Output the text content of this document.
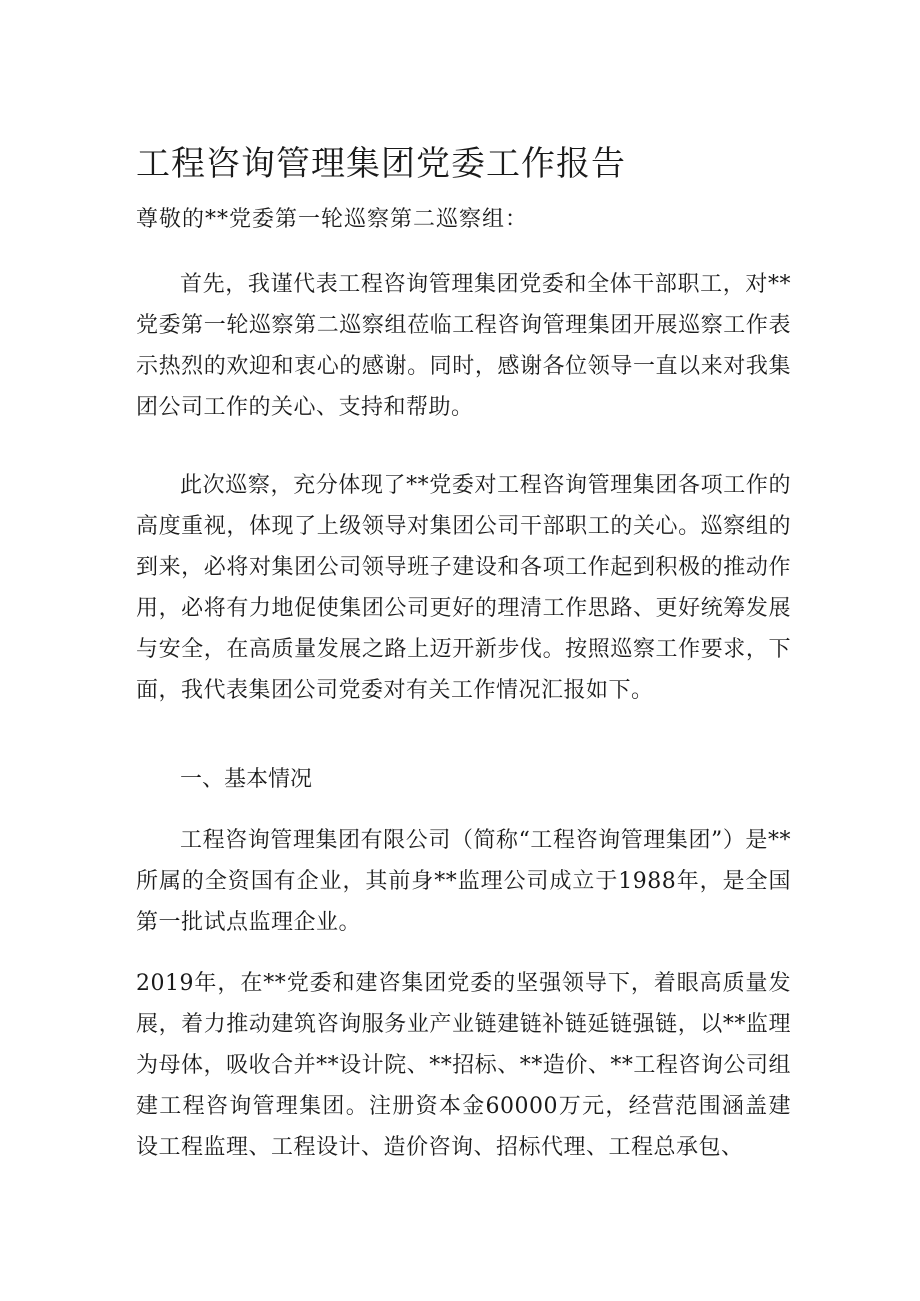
工程咨询管理集团党委工作报告

尊敬的**党委第一轮巡察第二巡察组：

首先，我谨代表工程咨询管理集团党委和全体干部职工，对**党委第一轮巡察第二巡察组莅临工程咨询管理集团开展巡察工作表示热烈的欢迎和衷心的感谢。同时，感谢各位领导一直以来对我集团公司工作的关心、支持和帮助。

此次巡察，充分体现了**党委对工程咨询管理集团各项工作的高度重视，体现了上级领导对集团公司干部职工的关心。巡察组的到来，必将对集团公司领导班子建设和各项工作起到积极的推动作用，必将有力地促使集团公司更好的理清工作思路、更好统筹发展与安全，在高质量发展之路上迈开新步伐。按照巡察工作要求，下面，我代表集团公司党委对有关工作情况汇报如下。

一、基本情况

工程咨询管理集团有限公司（简称“工程咨询管理集团”）是**所属的全资国有企业，其前身**监理公司成立于1988年，是全国第一批试点监理企业。

2019年，在**党委和建咨集团党委的坚强领导下，着眼高质量发展，着力推动建筑咨询服务业产业链建链补链延链强链，以**监理为母体，吸收合并**设计院、**招标、**造价、**工程咨询公司组建工程咨询管理集团。注册资本金60000万元，经营范围涵盖建设工程监理、工程设计、造价咨询、招标代理、工程总承包、
